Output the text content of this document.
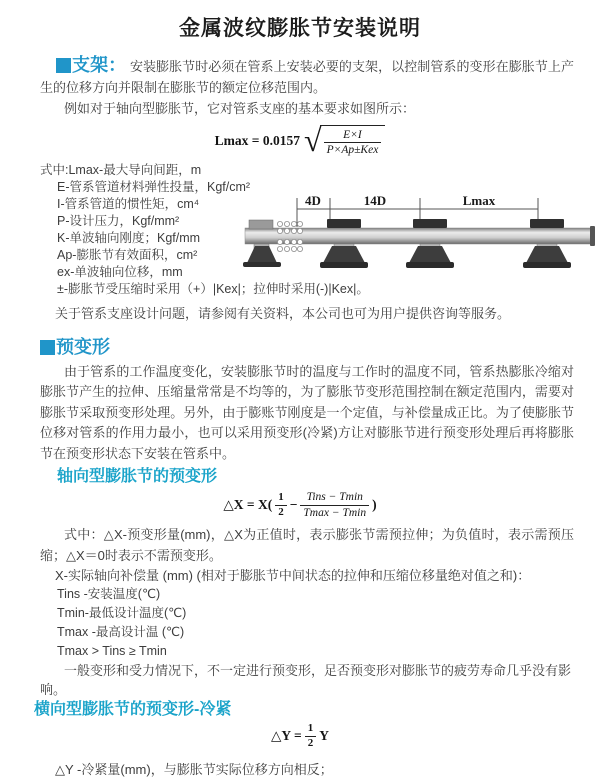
金属波纹膨胀节安装说明

支架： 安装膨胀节时必须在管系上安装必要的支架，以控制管系的变形在膨胀节上产生的位移方向并限制在膨胀节的额定位移范围内。

例如对于轴向型膨胀节，它对管系支座的基本要求如图所示：

Lmax = 0.0157 √ $\frac{E\times I}{\text{P×Ap±Kex}}$
式中:Lmax-最大导向间距，m
E-管系管道材料弹性投量，Kgf/cm²
I-管系管道的惯性矩，cm⁴
P-设计压力，Kgf/mm²
K-单波轴向刚度；Kgf/mm
Ap-膨胀节有效面积，cm²
ex-单波轴向位移，mm
±-膨胀节受压缩时采用（+）|Kex|；拉伸时采用(-)|Kex|。

关于管系支座设计问题，请参阅有关资料，本公司也可为用户提供咨询等服务。

4D	14D	Lmax
预变形

由于管系的工作温度变化，安装膨胀节时的温度与工作时的温度不同，管系热膨胀冷缩对膨胀节产生的拉伸、压缩量常常是不均等的，为了膨胀节变形范围控制在额定范围内，需要对膨胀节采取预变形处理。另外，由于膨账节刚度是一个定值，与补偿量成正比。为了使膨胀节位移对管系的作用力最小，也可以采用预变形(冷紧)方让对膨胀节进行预变形处理后再将膨胀节在预变形状态下安装在管系中。

轴向型膨胀节的预变形
△X = $X( \frac{1}{2} - \frac{\text{Tins − Tmin}}{Tmax - Tmin}$ )

式中：△X-预变形量(mm)，△X为正值时，表示膨张节需预拉伸；为负值时，表示需预压缩；△X＝0时表示不需预变形。

X-实际轴向补偿量 (mm) (相对于膨胀节中间状态的拉伸和压缩位移量绝对值之和)：

Tins -安装温度(℃)
Tmin-最低设计温度(℃)
Tmax -最高设计温 (℃)
Tmax > Tins ≥ Tmin

一般变形和受力情况下，不一定进行预变形，足否预变形对膨胀节的疲劳寿命几乎没有影响。

横向型膨胀节的预变形-冷紧
△Y = $\frac{1}{2}$ Y

△Y -冷紧量(mm)，与膨胀节实际位移方向相反；
